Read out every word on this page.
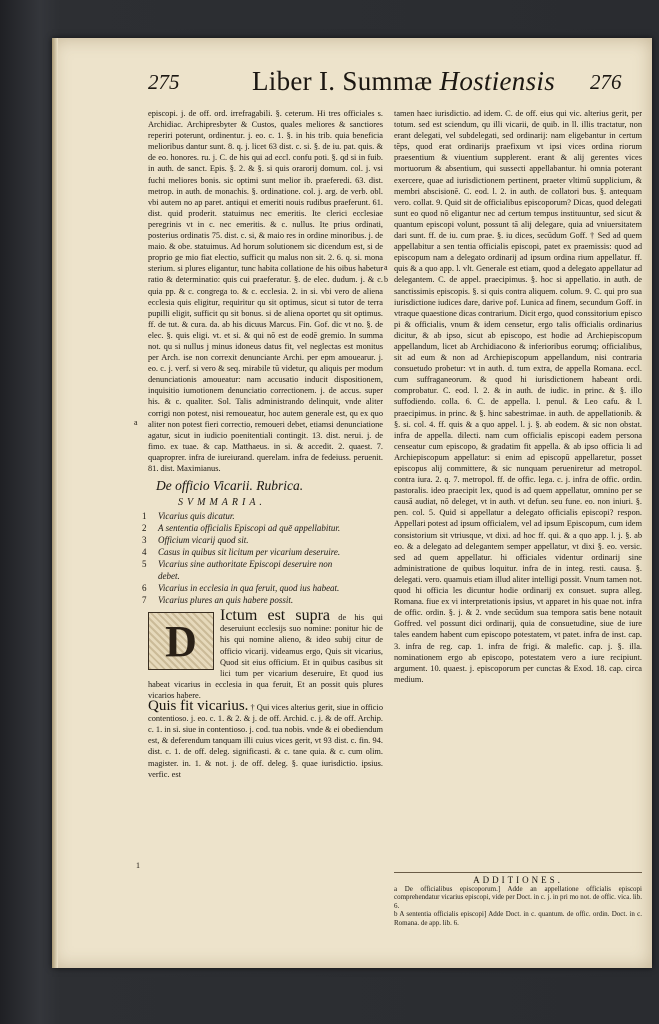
275	Liber I. Summæ Hostiensis 276

episcopi. j. de off. ord. irrefragabili. §. ceterum. Hi tres officiales s. Archidiac. Archipresbyter & Custos, quales meliores & sanctiores reperiri poterunt, ordinentur. j. eo. c. 1. §. in his trib. quia beneficia melioribus dantur sunt. 8. q. j. licet 63 dist. c. si. §. de iu. pat. quis. & de eo. honores. ru. j. C. de his qui ad eccl. confu poti. §. qd si in fuib. in auth. de sanct. Epis. §. 2. & §. si quis orarorij domum. col. j. vsi fuchi meliores bonis. sic optimi sunt melior ib. praeferedi. 63. dist. metrop. in auth. de monachis. §. ordinatione. col. j. arg. de verb. obl. vbi autem no ap paret. antiqui et emeriti nouis rudibus praeferunt. 61. dist. quid proderit. statuimus nec emeritis. Ite clerici ecclesiae peregrinis vt in c. nec emeritis. & c. nullus. Ite prius ordinati, posterius ordinatis 75. dist. c. si, & maio res in ordine minoribus. j. de maio. & obe. statuimus. Ad horum solutionem sic dicendum est, si de proprio ge mio fiat electio, sufficit qu malus non sit. 2. 6. q. si. mona sterium. si plures eligantur, tunc habita collatione de his oibus habetur ratio & determinatio: quis cui praeferatur. §. de elec. dudum. j. & c. quia pp. & c. congrega to. & c. ecclesia. 2. in si. vbi vero de aliena ecclesia quis eligitur, requiritur qu sit optimus, sicut si tutor de terra pupilli eligit, sufficit qu sit bonus. si de aliena oportet qu sit optimus. ff. de tut. & cura. da. ab his dicuus Marcus. Fin. Gof. dic vt no. §. de elec. §. quis eligi. vt. et si. & qui nō est de eodē gremio. In summa not. qu si nullus j minus idoneus datus fit, vel neglectas est monitus per Arch. ise non correxit denunciante Archi. per epm amouearur. j. eo. c. j. verf. si vero & seq. mirabile tū videtur, qu aliquis per modum denunciationis amoueatur: nam accusatio inducit dispositionem, inquisitio iumotionem denunciatio correctionem. j. de accus. super his. & c. qualiter. Sol. Talis administrando delinquit, vnde aliter corrigi non potest, nisi remoueatur, hoc autem generale est, qu ex quo aliter non potest fieri correctio, remoueri debet, etiamsi denunciatione agatur, sicut in iudicio poenitentiali contingit. 13. dist. nerui. j. de fimo. ex tuae. & cap. Matthaeus. in si. & accedit. 2. quaest. 7. quaproprer. infra de iureiurand. querelam. infra de fedeiuss. peruenit. 81. dist. Maximianus.

De officio Vicarii. Rubrica.
SVMMARIA.
1 Vicarius quis dicatur.
2 A sententia officialis Episcopi ad quē appellabitur.
3 Officium vicarij quod sit.
4 Casus in quibus sit licitum per vicarium deseruire.
5 Vicarius sine authoritate Episcopi deseruire non
debet.
6 Vicarius in ecclesia in qua feruit, quod ius habeat.
7 Vicarius plures an quis habere possit.
D

Ictum est supra de his qui deseruiunt ecclesijs suo nomine: ponitur hic de his qui nomine alieno, & ideo subij citur de officio vicarij. videamus ergo, Quis sit vicarius, Quod sit eius officium. Et in quibus casibus sit lici tum per vicarium deseruire, Et quod ius habeat vicarius in ecclesia in qua feruit, Et an possit quis plures vicarios habere.

Quis fit vicarius. † Qui vices alterius gerit, siue in officio contentioso. j. eo. c. 1. & 2. & j. de off. Archid. c. j. & de off. Archip. c. 1. in si. siue in contentioso. j. cod. tua nobis. vnde & ei obediendum est, & deferendum tanquam illi cuius vices gerit, vt 93 dist. c. fin. 94. dist. c. 1. de off. deleg. significasti. & c. tane quia. & c. cum olim. magister. in. 1. & not. j. de off. deleg. §. quae iurisdictio. ipsius. verfic. est

a
a
b
1

tamen haec iurisdictio. ad idem. C. de off. eius qui vic. alterius gerit, per totum. sed est sciendum, qu illi vicarii, de quib. in ll. illis tractatur, non erant delegati, vel subdelegati, sed ordinarij: nam eligebantur in certum tēps, quod erat ordinarijs praefixum vt ipsi vices ordina riorum praesentium & viuentium supplerent. erant & alij gerentes vices mortuorum & absentium, qui sussecti appellabantur. hi omnia poterant exercere, quae ad iurisdictionem pertinent, praeter vltimū supplicium, & membri abscisionē. C. eod. l. 2. in auth. de collatori bus. §. antequam vero. collat. 9. Quid sit de officialibus episcoporum? Dicas, quod delegati sunt eo quod nō eligantur nec ad certum tempus instituuntur, sed sicut & quantum episcopi volunt, possunt tā alij delegare, quia ad vniuersitatem dari sunt. ff. de iu. cum prae. §. iu dices, secūdum Goff. † Sed ad quem appellabitur a sen tentia officialis episcopi, patet ex praemissis: quod ad episcopum nam a delegato ordinarij ad ipsum ordina rium appellatur. ff. quis & a quo app. l. vlt. Generale est etiam, quod a delegato appellatur ad delegantem. C. de appel. praecipimus. §. hoc si appellatio. in auth. de sanctissimis episcopis. §. si quis contra aliquem. colum. 9. C. qui pro sua iurisdictione iudices dare, darive pof. Lunica ad finem, secundum Goff. in vtraque quaestione dicas contrarium. Dicit ergo, quod conssitorium episco pi & officialis, vnum & idem censetur, ergo talis officialis ordinarius dicitur, & ab ipso, sicut ab episcopo, est hodie ad Archiepiscopum appellandum, licet ab Archidiacono & inferioribus eorumq; officialibus, sit ad eum & non ad Archiepiscopum appellandum, nisi contraria consuetudo probetur: vt in auth. d. tum extra, de appella Romana. eccl. cum suffraganeorum. & quod hi iurisdictionem habeant ordi. comprobatur. C. eod. l. 2. & in auth. de iudic. in princ. & §. illo suffodiendo. colla. 6. C. de appella. l. penul. & Leo cafu. & l. praecipimus. in princ. & §. hinc sabestrimae. in auth. de appellationib. & §. si. col. 4. ff. quis & a quo appel. l. j. §. ab eodem. & sic non obstat. infra de appella. dilecti. nam cum officialis episcopi eadem persona censeatur cum episcopo, & gradatim fit appella. & ab ipso officia li ad Archiepiscopum appellatur: si enim ad episcopū appellaretur, posset episcopus alij committere, & sic nunquam perueniretur ad metropol. contra iura. 2. q. 7. metropol. ff. de offic. lega. c. j. infra de offic. ordin. pastoralis. ideo praecipit lex, quod is ad quem appellatur, omnino per se causā audiat, nō deleget, vt in auth. vt defun. seu fune. eo. non iniuri. §. pen. col. 5. Quid si appellatur a delegato officialis episcopi? respon. Appellari potest ad ipsum officialem, vel ad ipsum Episcopum, cum idem consistorium sit vtriusque, vt dixi. ad hoc ff. qui. & a quo app. l. j. §. ab eo. & a delegato ad delegantem semper appellatur, vt dixi §. eo. versic. sed ad quem appellatur. hi officiales videntur ordinarij sine administratione de quibus loquitur. infra de in integ. resti. causa. §. delegati. vero. quamuis etiam illud aliter intelligi possit. Vnum tamen not. quod hi officia les dicuntur hodie ordinarij ex consuet. supra alleg. Romana. fiue ex vi interpretationis ipsius, vt apparet in his quae not. infra de offic. ordin. §. j. & 2. vnde secūdum sua tempora satis bene notauit Goffred. vel possunt dici ordinarij, quia de consuetudine, siue de iure tales eandem habent cum episcopo potestatem, vt patet. infra de inst. cap. 3. infra de reg. cap. 1. infra de frigi. & malefic. cap. j. §. illa. nominationem ergo ab episcopo, potestatem vero a iure recipiunt. argument. 10. quaest. j. episcoporum per cunctas & Exod. 18. cap. circa medium.

ADDITIONES.
a De officialibus episcoporum.] Adde an appellatione officialis episcopi comprehendatur vicarius episcopi, vide per Doct. in c. j. in pri mo not. de offic. vica. lib. 6.
b A sententia officialis episcopi] Adde Doct. in c. quantum. de offic. ordin. Doct. in c. Romana. de app. lib. 6.
